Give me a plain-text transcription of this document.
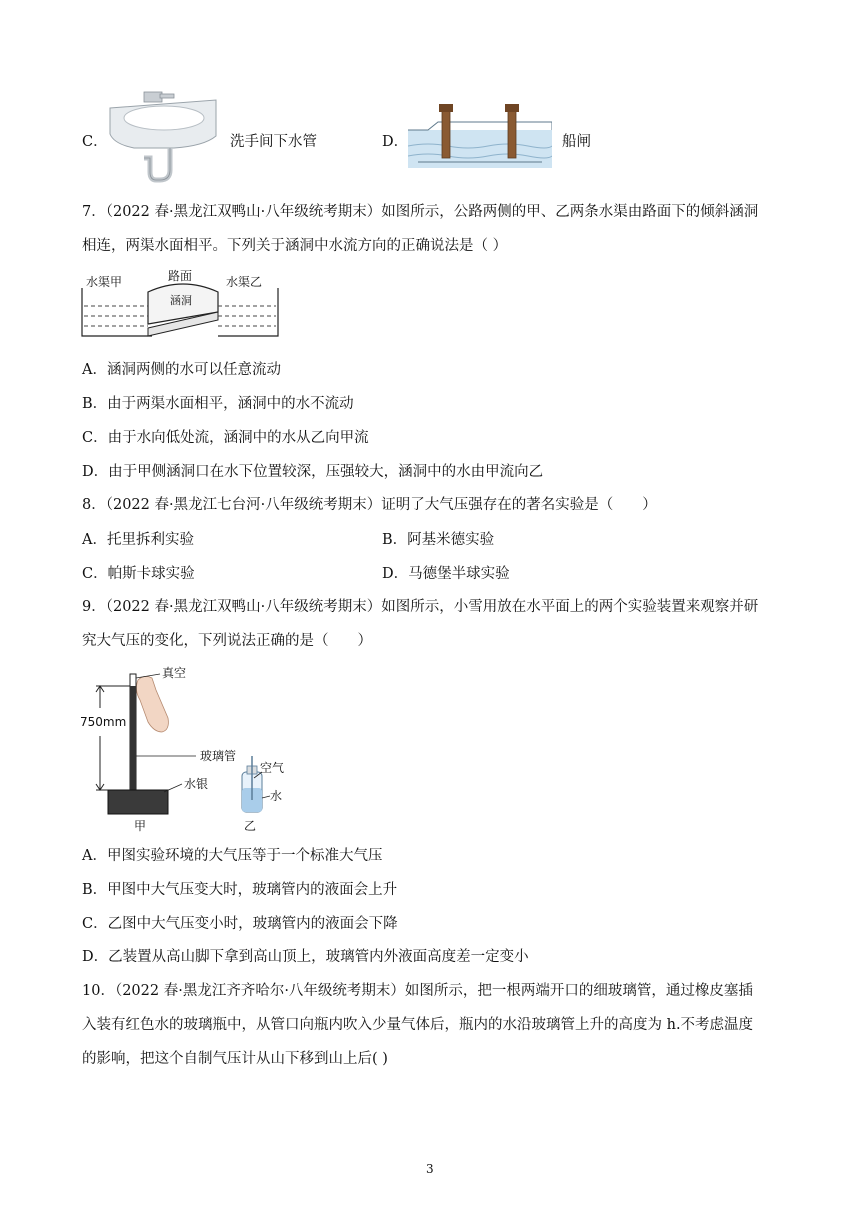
C．	洗手间下水管	D．	船闸
7．（2022 春·黑龙江双鸭山·八年级统考期末）如图所示，公路两侧的甲、乙两条水渠由路面下的倾斜涵洞
相连，两渠水面相平。下列关于涵洞中水流方向的正确说法是（ ）
水渠甲	路面
涵洞
水渠乙
A．涵洞两侧的水可以任意流动
B．由于两渠水面相平，涵洞中的水不流动
C．由于水向低处流，涵洞中的水从乙向甲流
D．由于甲侧涵洞口在水下位置较深，压强较大，涵洞中的水由甲流向乙
8．（2022 春·黑龙江七台河·八年级统考期末）证明了大气压强存在的著名实验是（　　）
A．托里拆利实验	B．阿基米德实验
C．帕斯卡球实验	D．马德堡半球实验
9．（2022 春·黑龙江双鸭山·八年级统考期末）如图所示，小雪用放在水平面上的两个实验装置来观察并研
究大气压的变化，下列说法正确的是（　　）
750mm
真空
玻璃管
水银
甲
空气
水
乙
A．甲图实验环境的大气压等于一个标准大气压
B．甲图中大气压变大时，玻璃管内的液面会上升
C．乙图中大气压变小时，玻璃管内的液面会下降
D．乙装置从高山脚下拿到高山顶上，玻璃管内外液面高度差一定变小
10．（2022 春·黑龙江齐齐哈尔·八年级统考期末）如图所示，把一根两端开口的细玻璃管，通过橡皮塞插
入装有红色水的玻璃瓶中，从管口向瓶内吹入少量气体后，瓶内的水沿玻璃管上升的高度为 h.不考虑温度
的影响，把这个自制气压计从山下移到山上后( )
3
